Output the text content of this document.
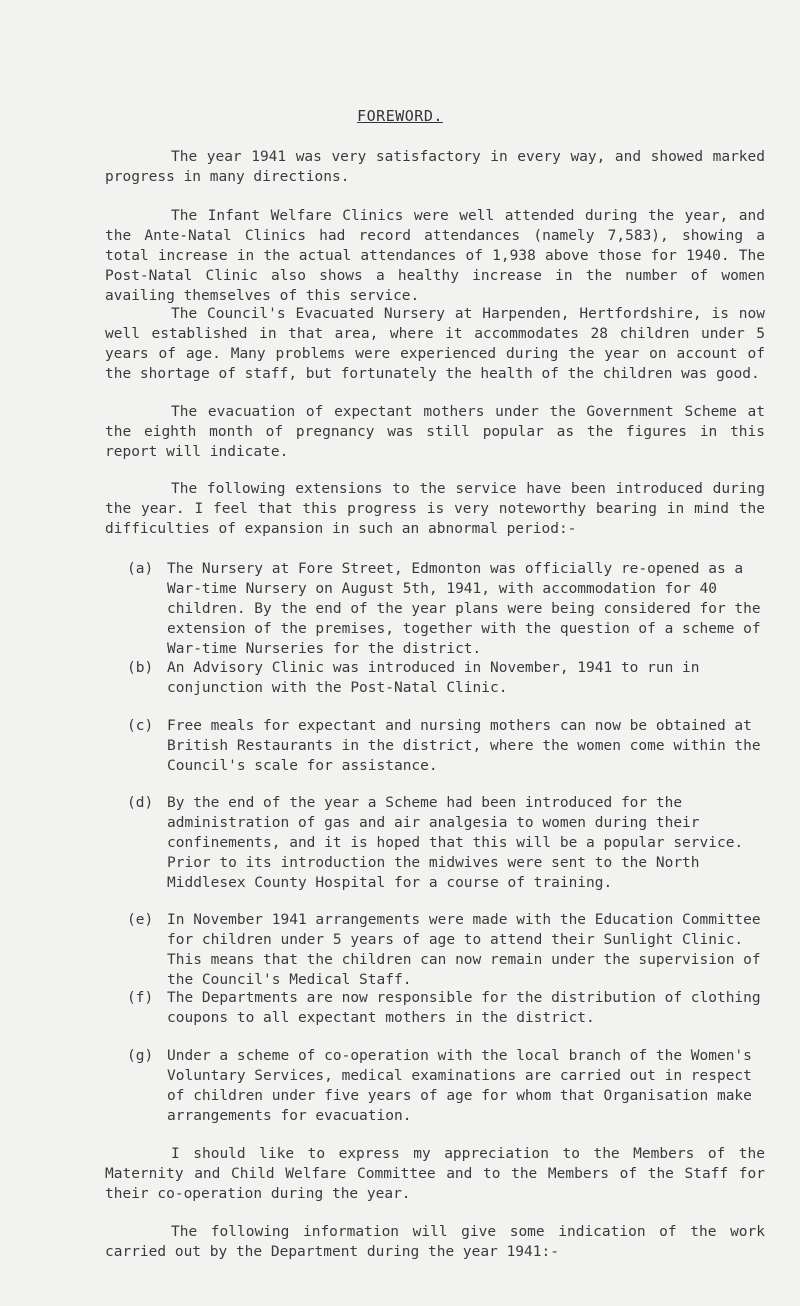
FOREWORD.

The year 1941 was very satisfactory in every way, and showed marked progress in many directions.

The Infant Welfare Clinics were well attended during the year, and the Ante-Natal Clinics had record attendances (namely 7,583), showing a total increase in the actual attendances of 1,938 above those for 1940. The Post-Natal Clinic also shows a healthy increase in the number of women availing themselves of this service.

The Council's Evacuated Nursery at Harpenden, Hertfordshire, is now well established in that area, where it accommodates 28 children under 5 years of age. Many problems were experienced during the year on account of the shortage of staff, but fortunately the health of the children was good.

The evacuation of expectant mothers under the Government Scheme at the eighth month of pregnancy was still popular as the figures in this report will indicate.

The following extensions to the service have been introduced during the year. I feel that this progress is very noteworthy bearing in mind the difficulties of expansion in such an abnormal period:-

(a) The Nursery at Fore Street, Edmonton was officially re-opened as a War-time Nursery on August 5th, 1941, with accommodation for 40 children. By the end of the year plans were being considered for the extension of the premises, together with the question of a scheme of War-time Nurseries for the district.
(b) An Advisory Clinic was introduced in November, 1941 to run in conjunction with the Post-Natal Clinic.
(c) Free meals for expectant and nursing mothers can now be obtained at British Restaurants in the district, where the women come within the Council's scale for assistance.
(d) By the end of the year a Scheme had been introduced for the administration of gas and air analgesia to women during their confinements, and it is hoped that this will be a popular service. Prior to its introduction the midwives were sent to the North Middlesex County Hospital for a course of training.
(e) In November 1941 arrangements were made with the Education Committee for children under 5 years of age to attend their Sunlight Clinic. This means that the children can now remain under the supervision of the Council's Medical Staff.
(f) The Departments are now responsible for the distribution of clothing coupons to all expectant mothers in the district.
(g) Under a scheme of co-operation with the local branch of the Women's Voluntary Services, medical examinations are carried out in respect of children under five years of age for whom that Organisation make arrangements for evacuation.

I should like to express my appreciation to the Members of the Maternity and Child Welfare Committee and to the Members of the Staff for their co-operation during the year.

The following information will give some indication of the work carried out by the Department during the year 1941:-
